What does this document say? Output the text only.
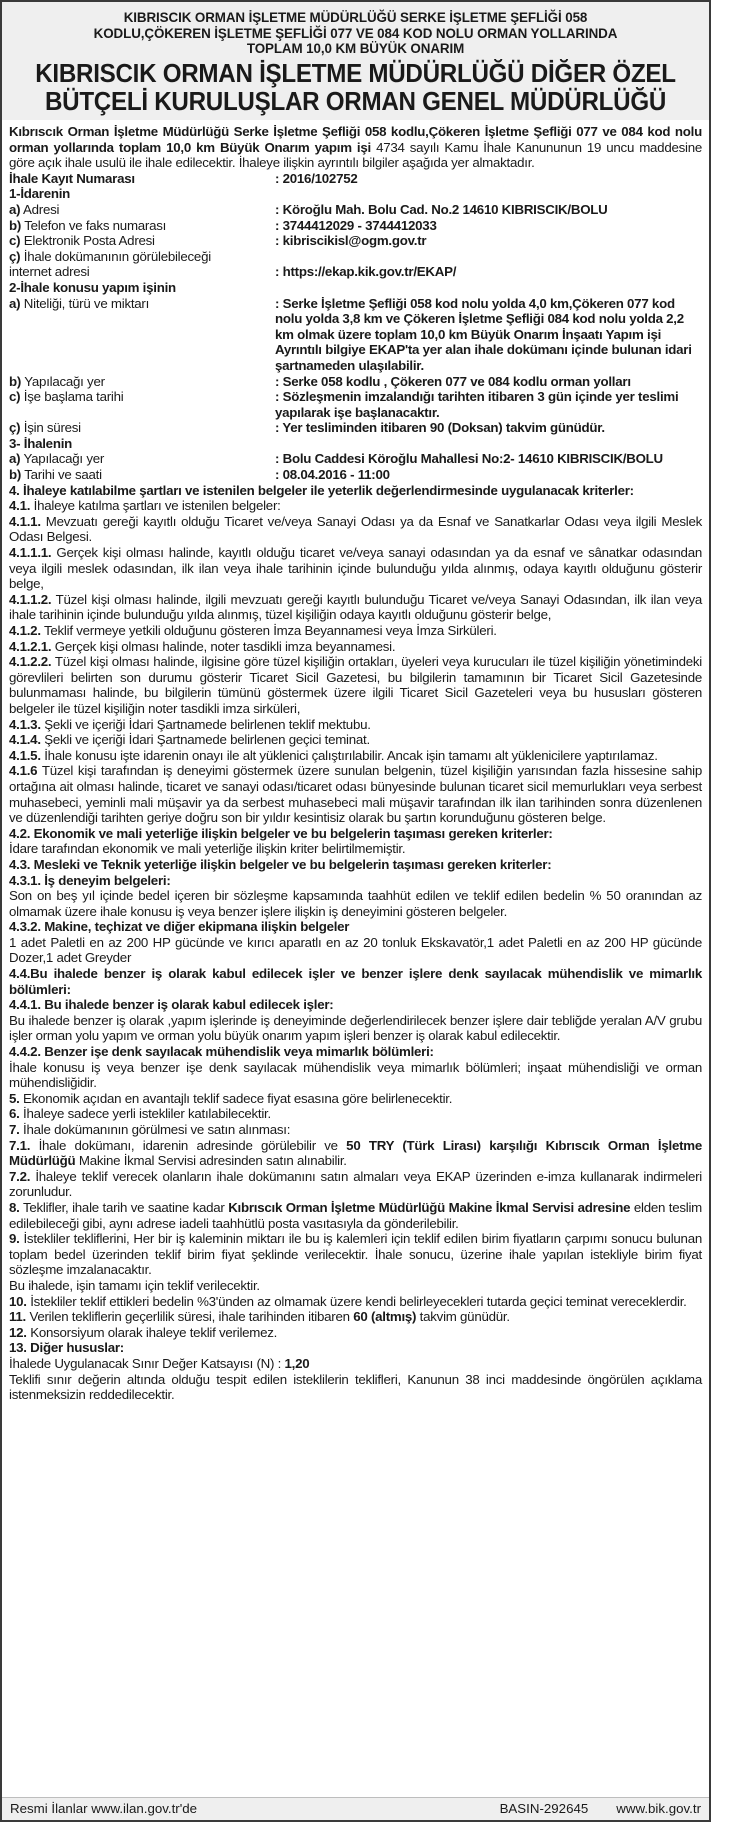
KIBRISCIK ORMAN İŞLETME MÜDÜRLÜĞÜ SERKE İŞLETME ŞEFLİĞİ 058
KODLU,ÇÖKEREN İŞLETME ŞEFLİĞİ 077 VE 084 KOD NOLU ORMAN YOLLARINDA
TOPLAM 10,0 KM BÜYÜK ONARIM
KIBRISCIK ORMAN İŞLETME MÜDÜRLÜĞÜ DİĞER ÖZEL
BÜTÇELİ KURULUŞLAR ORMAN GENEL MÜDÜRLÜĞÜ
Kıbrıscık Orman İşletme Müdürlüğü Serke İşletme Şefliği 058 kodlu,Çökeren İşletme Şefliği 077 ve 084 kod nolu orman yollarında toplam 10,0 km Büyük Onarım yapım işi 4734 sayılı Kamu İhale Kanununun 19 uncu maddesine göre açık ihale usulü ile ihale edilecektir. İhaleye ilişkin ayrıntılı bilgiler aşağıda yer almaktadır.
İhale Kayıt Numarası	: 2016/102752
1-İdarenin
a) Adresi	: Köroğlu Mah. Bolu Cad. No.2 14610 KIBRISCIK/BOLU
b) Telefon ve faks numarası	: 3744412029 - 3744412033
c) Elektronik Posta Adresi	: kibriscikisl@ogm.gov.tr
ç) İhale dokümanının görülebileceği
internet adresi	: https://ekap.kik.gov.tr/EKAP/
2-İhale konusu yapım işinin
a) Niteliği, türü ve miktarı	: Serke İşletme Şefliği 058 kod nolu yolda 4,0 km,Çökeren 077 kod nolu yolda 3,8 km ve Çökeren İşletme Şefliği 084 kod nolu yolda 2,2 km olmak üzere toplam 10,0 km Büyük Onarım İnşaatı Yapım işi
Ayrıntılı bilgiye EKAP'ta yer alan ihale dokümanı içinde bulunan idari şartnameden ulaşılabilir.
b) Yapılacağı yer	: Serke 058 kodlu , Çökeren 077 ve 084 kodlu orman yolları
c) İşe başlama tarihi	: Sözleşmenin imzalandığı tarihten itibaren 3 gün içinde yer teslimi yapılarak işe başlanacaktır.
ç) İşin süresi	: Yer tesliminden itibaren 90 (Doksan) takvim günüdür.
3- İhalenin
a) Yapılacağı yer	: Bolu Caddesi Köroğlu Mahallesi No:2- 14610 KIBRISCIK/BOLU
b) Tarihi ve saati	: 08.04.2016 - 11:00
4. İhaleye katılabilme şartları ve istenilen belgeler ile yeterlik değerlendirmesinde uygulanacak kriterler:
4.1. İhaleye katılma şartları ve istenilen belgeler:
4.1.1. Mevzuatı gereği kayıtlı olduğu Ticaret ve/veya Sanayi Odası ya da Esnaf ve Sanatkarlar Odası veya ilgili Meslek Odası Belgesi.
4.1.1.1. Gerçek kişi olması halinde, kayıtlı olduğu ticaret ve/veya sanayi odasından ya da esnaf ve sânatkar odasından veya ilgili meslek odasından, ilk ilan veya ihale tarihinin içinde bulunduğu yılda alınmış, odaya kayıtlı olduğunu gösterir belge,
4.1.1.2. Tüzel kişi olması halinde, ilgili mevzuatı gereği kayıtlı bulunduğu Ticaret ve/veya Sanayi Odasından, ilk ilan veya ihale tarihinin içinde bulunduğu yılda alınmış, tüzel kişiliğin odaya kayıtlı olduğunu gösterir belge,
4.1.2. Teklif vermeye yetkili olduğunu gösteren İmza Beyannamesi veya İmza Sirküleri.
4.1.2.1. Gerçek kişi olması halinde, noter tasdikli imza beyannamesi.
4.1.2.2. Tüzel kişi olması halinde, ilgisine göre tüzel kişiliğin ortakları, üyeleri veya kurucuları ile tüzel kişiliğin yönetimindeki görevlileri belirten son durumu gösterir Ticaret Sicil Gazetesi, bu bilgilerin tamamının bir Ticaret Sicil Gazetesinde bulunmaması halinde, bu bilgilerin tümünü göstermek üzere ilgili Ticaret Sicil Gazeteleri veya bu hususları gösteren belgeler ile tüzel kişiliğin noter tasdikli imza sirküleri,
4.1.3. Şekli ve içeriği İdari Şartnamede belirlenen teklif mektubu.
4.1.4. Şekli ve içeriği İdari Şartnamede belirlenen geçici teminat.
4.1.5. İhale konusu işte idarenin onayı ile alt yüklenici çalıştırılabilir. Ancak işin tamamı alt yüklenicilere yaptırılamaz.
4.1.6 Tüzel kişi tarafından iş deneyimi göstermek üzere sunulan belgenin, tüzel kişiliğin yarısından fazla hissesine sahip ortağına ait olması halinde, ticaret ve sanayi odası/ticaret odası bünyesinde bulunan ticaret sicil memurlukları veya serbest muhasebeci, yeminli mali müşavir ya da serbest muhasebeci mali müşavir tarafından ilk ilan tarihinden sonra düzenlenen ve düzenlendiği tarihten geriye doğru son bir yıldır kesintisiz olarak bu şartın korunduğunu gösteren belge.
4.2. Ekonomik ve mali yeterliğe ilişkin belgeler ve bu belgelerin taşıması gereken kriterler:
İdare tarafından ekonomik ve mali yeterliğe ilişkin kriter belirtilmemiştir.
4.3. Mesleki ve Teknik yeterliğe ilişkin belgeler ve bu belgelerin taşıması gereken kriterler:
4.3.1. İş deneyim belgeleri:
Son on beş yıl içinde bedel içeren bir sözleşme kapsamında taahhüt edilen ve teklif edilen bedelin % 50 oranından az olmamak üzere ihale konusu iş veya benzer işlere ilişkin iş deneyimini gösteren belgeler.
4.3.2. Makine, teçhizat ve diğer ekipmana ilişkin belgeler
1 adet Paletli en az 200 HP gücünde ve kırıcı aparatlı en az 20 tonluk Ekskavatör,1 adet Paletli en az 200 HP gücünde Dozer,1 adet Greyder
4.4.Bu ihalede benzer iş olarak kabul edilecek işler ve benzer işlere denk sayılacak mühendislik ve mimarlık bölümleri:
4.4.1. Bu ihalede benzer iş olarak kabul edilecek işler:
Bu ihalede benzer iş olarak ,yapım işlerinde iş deneyiminde değerlendirilecek benzer işlere dair tebliğde yeralan A/V grubu işler orman yolu yapım ve orman yolu büyük onarım yapım işleri benzer iş olarak kabul edilecektir.
4.4.2. Benzer işe denk sayılacak mühendislik veya mimarlık bölümleri:
İhale konusu iş veya benzer işe denk sayılacak mühendislik veya mimarlık bölümleri; inşaat mühendisliği ve orman mühendisliğidir.
5. Ekonomik açıdan en avantajlı teklif sadece fiyat esasına göre belirlenecektir.
6. İhaleye sadece yerli istekliler katılabilecektir.
7. İhale dokümanının görülmesi ve satın alınması:
7.1. İhale dokümanı, idarenin adresinde görülebilir ve 50 TRY (Türk Lirası) karşılığı Kıbrıscık Orman İşletme Müdürlüğü Makine İkmal Servisi adresinden satın alınabilir.
7.2. İhaleye teklif verecek olanların ihale dokümanını satın almaları veya EKAP üzerinden e-imza kullanarak indirmeleri zorunludur.
8. Teklifler, ihale tarih ve saatine kadar Kıbrıscık Orman İşletme Müdürlüğü Makine İkmal Servisi adresine elden teslim edilebileceği gibi, aynı adrese iadeli taahhütlü posta vasıtasıyla da gönderilebilir.
9. İstekliler tekliflerini, Her bir iş kaleminin miktarı ile bu iş kalemleri için teklif edilen birim fiyatların çarpımı sonucu bulunan toplam bedel üzerinden teklif birim fiyat şeklinde verilecektir. İhale sonucu, üzerine ihale yapılan istekliyle birim fiyat sözleşme imzalanacaktır.
Bu ihalede, işin tamamı için teklif verilecektir.
10. İstekliler teklif ettikleri bedelin %3'ünden az olmamak üzere kendi belirleyecekleri tutarda geçici teminat vereceklerdir.
11. Verilen tekliflerin geçerlilik süresi, ihale tarihinden itibaren 60 (altmış) takvim günüdür.
12. Konsorsiyum olarak ihaleye teklif verilemez.
13. Diğer hususlar:
İhalede Uygulanacak Sınır Değer Katsayısı (N) : 1,20
Teklifi sınır değerin altında olduğu tespit edilen isteklilerin teklifleri, Kanunun 38 inci maddesinde öngörülen açıklama istenmeksizin reddedilecektir.
Resmi İlanlar www.ilan.gov.tr'de	BASIN-292645 www.bik.gov.tr
